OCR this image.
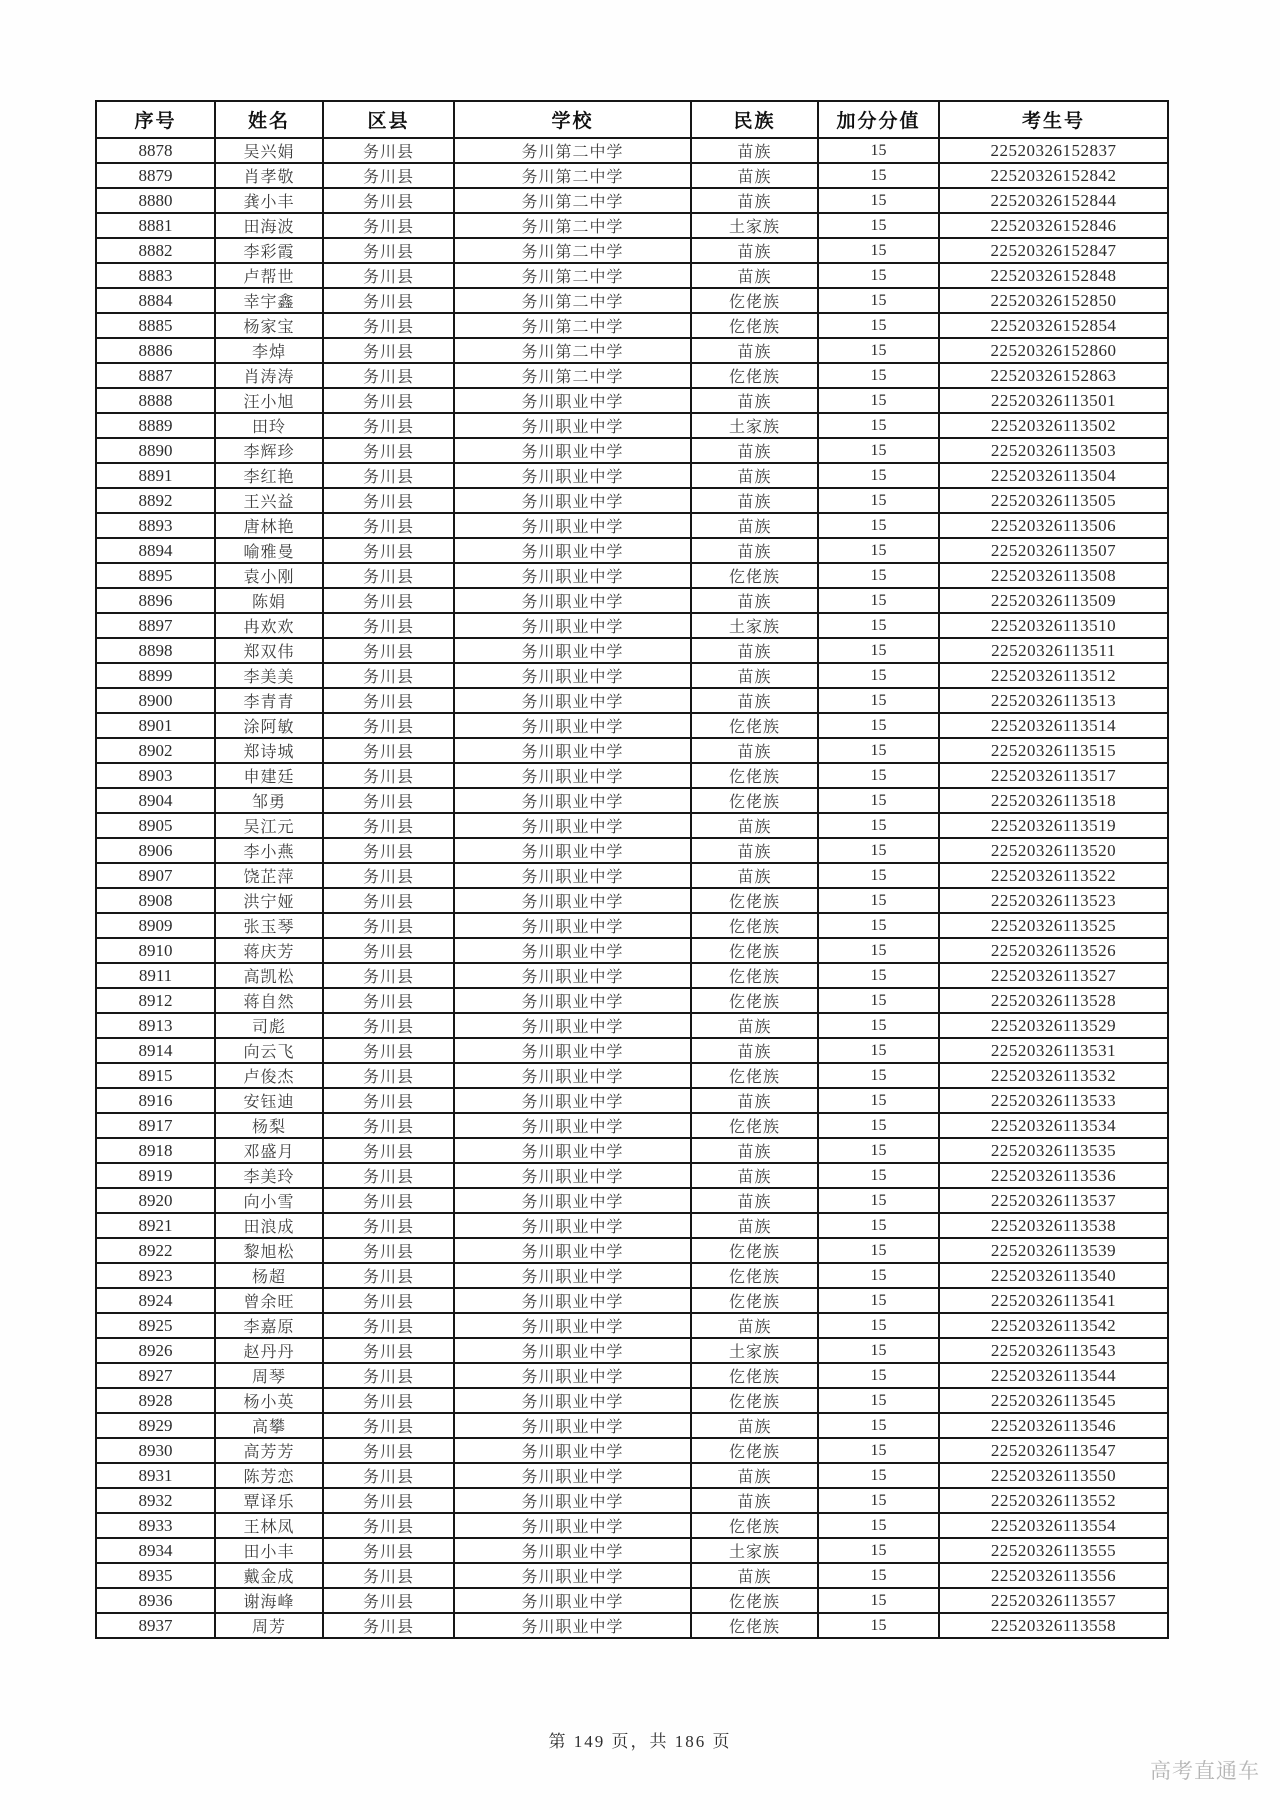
序号	姓名	区县	学校	民族	加分分值	考生号
8878	吴兴娟	务川县	务川第二中学	苗族	15	22520326152837
8879	肖孝敬	务川县	务川第二中学	苗族	15	22520326152842
8880	龚小丰	务川县	务川第二中学	苗族	15	22520326152844
8881	田海波	务川县	务川第二中学	土家族	15	22520326152846
8882	李彩霞	务川县	务川第二中学	苗族	15	22520326152847
8883	卢帮世	务川县	务川第二中学	苗族	15	22520326152848
8884	幸宇鑫	务川县	务川第二中学	仡佬族	15	22520326152850
8885	杨家宝	务川县	务川第二中学	仡佬族	15	22520326152854
8886	李焯	务川县	务川第二中学	苗族	15	22520326152860
8887	肖涛涛	务川县	务川第二中学	仡佬族	15	22520326152863
8888	汪小旭	务川县	务川职业中学	苗族	15	22520326113501
8889	田玲	务川县	务川职业中学	土家族	15	22520326113502
8890	李辉珍	务川县	务川职业中学	苗族	15	22520326113503
8891	李红艳	务川县	务川职业中学	苗族	15	22520326113504
8892	王兴益	务川县	务川职业中学	苗族	15	22520326113505
8893	唐林艳	务川县	务川职业中学	苗族	15	22520326113506
8894	喻雅曼	务川县	务川职业中学	苗族	15	22520326113507
8895	袁小刚	务川县	务川职业中学	仡佬族	15	22520326113508
8896	陈娟	务川县	务川职业中学	苗族	15	22520326113509
8897	冉欢欢	务川县	务川职业中学	土家族	15	22520326113510
8898	郑双伟	务川县	务川职业中学	苗族	15	22520326113511
8899	李美美	务川县	务川职业中学	苗族	15	22520326113512
8900	李青青	务川县	务川职业中学	苗族	15	22520326113513
8901	涂阿敏	务川县	务川职业中学	仡佬族	15	22520326113514
8902	郑诗城	务川县	务川职业中学	苗族	15	22520326113515
8903	申建廷	务川县	务川职业中学	仡佬族	15	22520326113517
8904	邹勇	务川县	务川职业中学	仡佬族	15	22520326113518
8905	吴江元	务川县	务川职业中学	苗族	15	22520326113519
8906	李小燕	务川县	务川职业中学	苗族	15	22520326113520
8907	饶芷萍	务川县	务川职业中学	苗族	15	22520326113522
8908	洪宁娅	务川县	务川职业中学	仡佬族	15	22520326113523
8909	张玉琴	务川县	务川职业中学	仡佬族	15	22520326113525
8910	蒋庆芳	务川县	务川职业中学	仡佬族	15	22520326113526
8911	高凯松	务川县	务川职业中学	仡佬族	15	22520326113527
8912	蒋自然	务川县	务川职业中学	仡佬族	15	22520326113528
8913	司彪	务川县	务川职业中学	苗族	15	22520326113529
8914	向云飞	务川县	务川职业中学	苗族	15	22520326113531
8915	卢俊杰	务川县	务川职业中学	仡佬族	15	22520326113532
8916	安钰迪	务川县	务川职业中学	苗族	15	22520326113533
8917	杨梨	务川县	务川职业中学	仡佬族	15	22520326113534
8918	邓盛月	务川县	务川职业中学	苗族	15	22520326113535
8919	李美玲	务川县	务川职业中学	苗族	15	22520326113536
8920	向小雪	务川县	务川职业中学	苗族	15	22520326113537
8921	田浪成	务川县	务川职业中学	苗族	15	22520326113538
8922	黎旭松	务川县	务川职业中学	仡佬族	15	22520326113539
8923	杨超	务川县	务川职业中学	仡佬族	15	22520326113540
8924	曾余旺	务川县	务川职业中学	仡佬族	15	22520326113541
8925	李嘉原	务川县	务川职业中学	苗族	15	22520326113542
8926	赵丹丹	务川县	务川职业中学	土家族	15	22520326113543
8927	周琴	务川县	务川职业中学	仡佬族	15	22520326113544
8928	杨小英	务川县	务川职业中学	仡佬族	15	22520326113545
8929	高攀	务川县	务川职业中学	苗族	15	22520326113546
8930	高芳芳	务川县	务川职业中学	仡佬族	15	22520326113547
8931	陈芳恋	务川县	务川职业中学	苗族	15	22520326113550
8932	覃译乐	务川县	务川职业中学	苗族	15	22520326113552
8933	王林凤	务川县	务川职业中学	仡佬族	15	22520326113554
8934	田小丰	务川县	务川职业中学	土家族	15	22520326113555
8935	戴金成	务川县	务川职业中学	苗族	15	22520326113556
8936	谢海峰	务川县	务川职业中学	仡佬族	15	22520326113557
8937	周芳	务川县	务川职业中学	仡佬族	15	22520326113558
第 149 页，共 186 页
高考直通车
